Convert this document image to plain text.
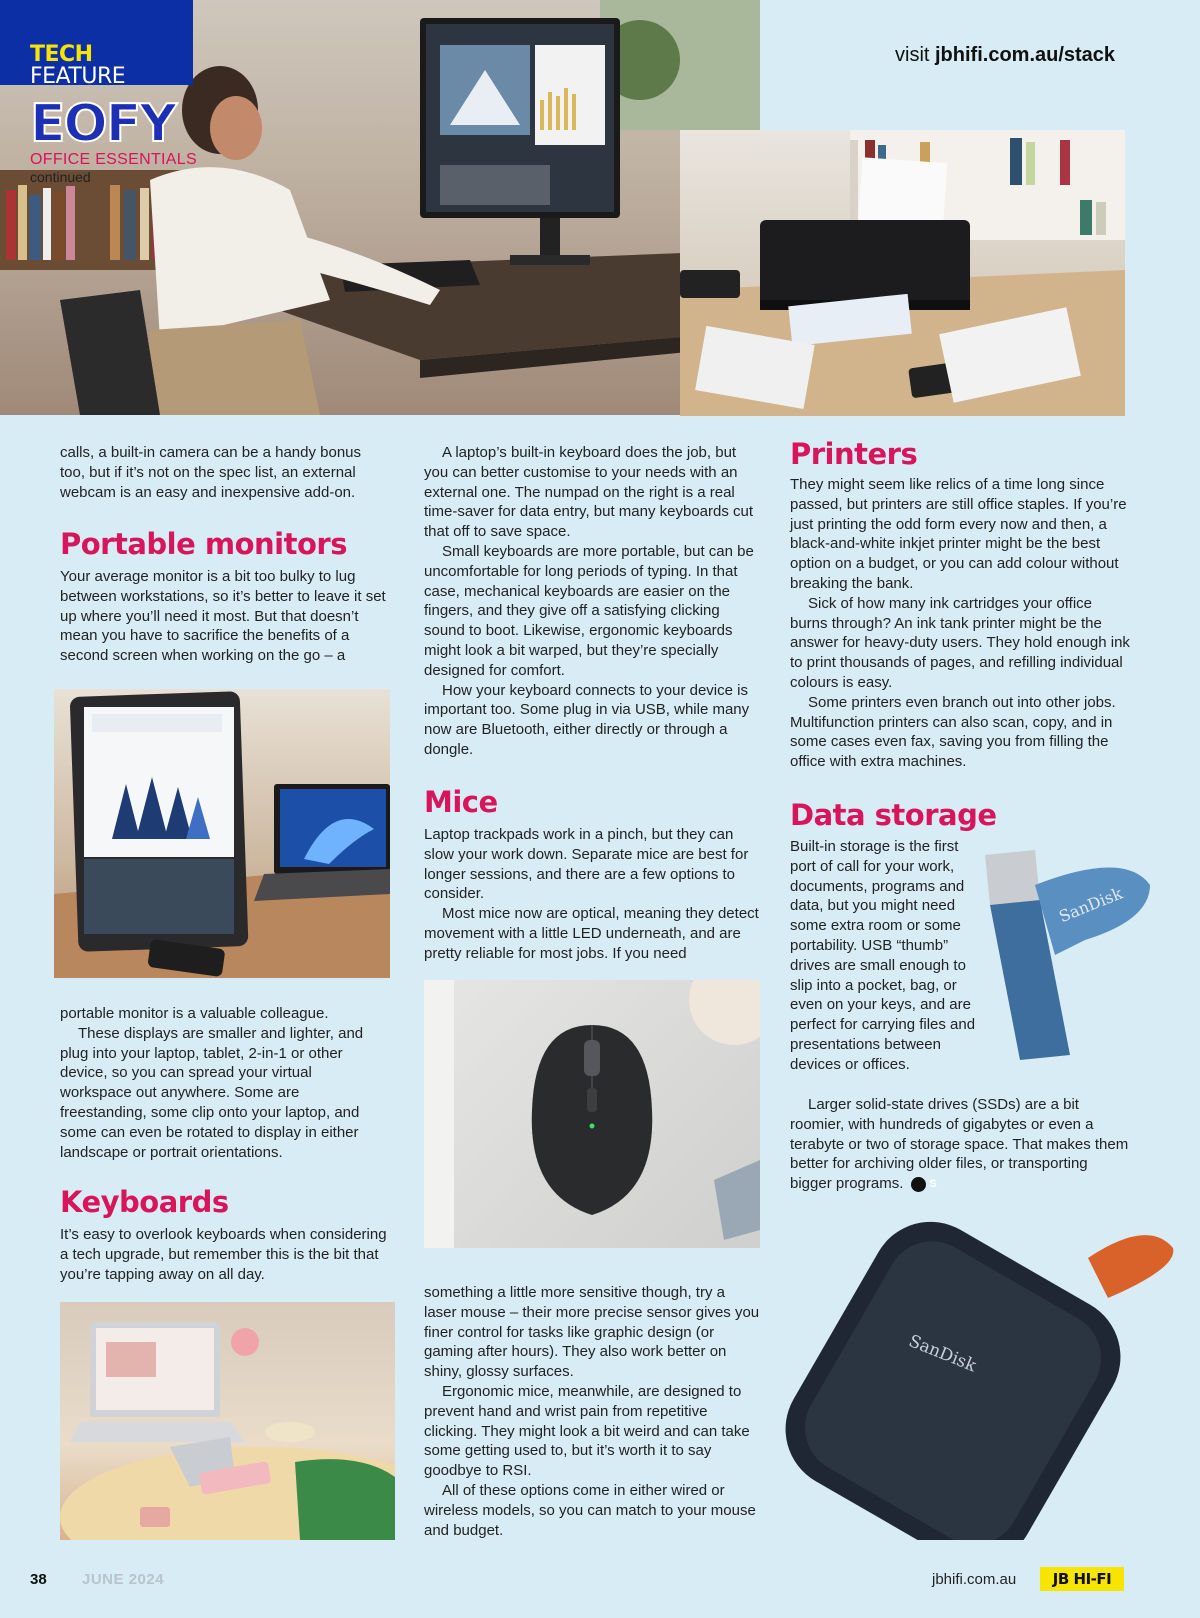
TECH FEATURE
EOFY
OFFICE ESSENTIALS
continued
visit jbhifi.com.au/stack

calls, a built-in camera can be a handy bonus too, but if it’s not on the spec list, an external webcam is an easy and inexpensive add-on.

Portable monitors

Your average monitor is a bit too bulky to lug between workstations, so it’s better to leave it set up where you’ll need it most. But that doesn’t mean you have to sacrifice the benefits of a second screen when working on the go – a

portable monitor is a valuable colleague.

These displays are smaller and lighter, and plug into your laptop, tablet, 2-in-1 or other device, so you can spread your virtual workspace out anywhere. Some are freestanding, some clip onto your laptop, and some can even be rotated to display in either landscape or portrait orientations.

Keyboards

It’s easy to overlook keyboards when considering a tech upgrade, but remember this is the bit that you’re tapping away on all day.

A laptop’s built-in keyboard does the job, but you can better customise to your needs with an external one. The numpad on the right is a real time-saver for data entry, but many keyboards cut that off to save space.

Small keyboards are more portable, but can be uncomfortable for long periods of typing. In that case, mechanical keyboards are easier on the fingers, and they give off a satisfying clicking sound to boot. Likewise, ergonomic keyboards might look a bit warped, but they’re specially designed for comfort.

How your keyboard connects to your device is important too. Some plug in via USB, while many now are Bluetooth, either directly or through a dongle.

Mice

Laptop trackpads work in a pinch, but they can slow your work down. Separate mice are best for longer sessions, and there are a few options to consider.

Most mice now are optical, meaning they detect movement with a little LED underneath, and are pretty reliable for most jobs. If you need

something a little more sensitive though, try a laser mouse – their more precise sensor gives you finer control for tasks like graphic design (or gaming after hours). They also work better on shiny, glossy surfaces.

Ergonomic mice, meanwhile, are designed to prevent hand and wrist pain from repetitive clicking. They might look a bit weird and can take some getting used to, but it’s worth it to say goodbye to RSI.

All of these options come in either wired or wireless models, so you can match to your mouse and budget.

Printers

They might seem like relics of a time long since passed, but printers are still office staples. If you’re just printing the odd form every now and then, a black-and-white inkjet printer might be the best option on a budget, or you can add colour without breaking the bank.

Sick of how many ink cartridges your office burns through? An ink tank printer might be the answer for heavy-duty users. They hold enough ink to print thousands of pages, and refilling individual colours is easy.

Some printers even branch out into other jobs. Multifunction printers can also scan, copy, and in some cases even fax, saving you from filling the office with extra machines.

Data storage
SanDisk

Built-in storage is the first port of call for your work, documents, programs and data, but you might need some extra room or some portability. USB “thumb” drives are small enough to slip into a pocket, bag, or even on your keys, and are perfect for carrying files and presentations between devices or offices.

Larger solid-state drives (SSDs) are a bit roomier, with hundreds of gigabytes or even a terabyte or two of storage space. That makes them better for archiving older files, or transporting bigger programs. S

SanDisk
38 JUNE 2024	jbhifi.com.au	JB HI-FI
